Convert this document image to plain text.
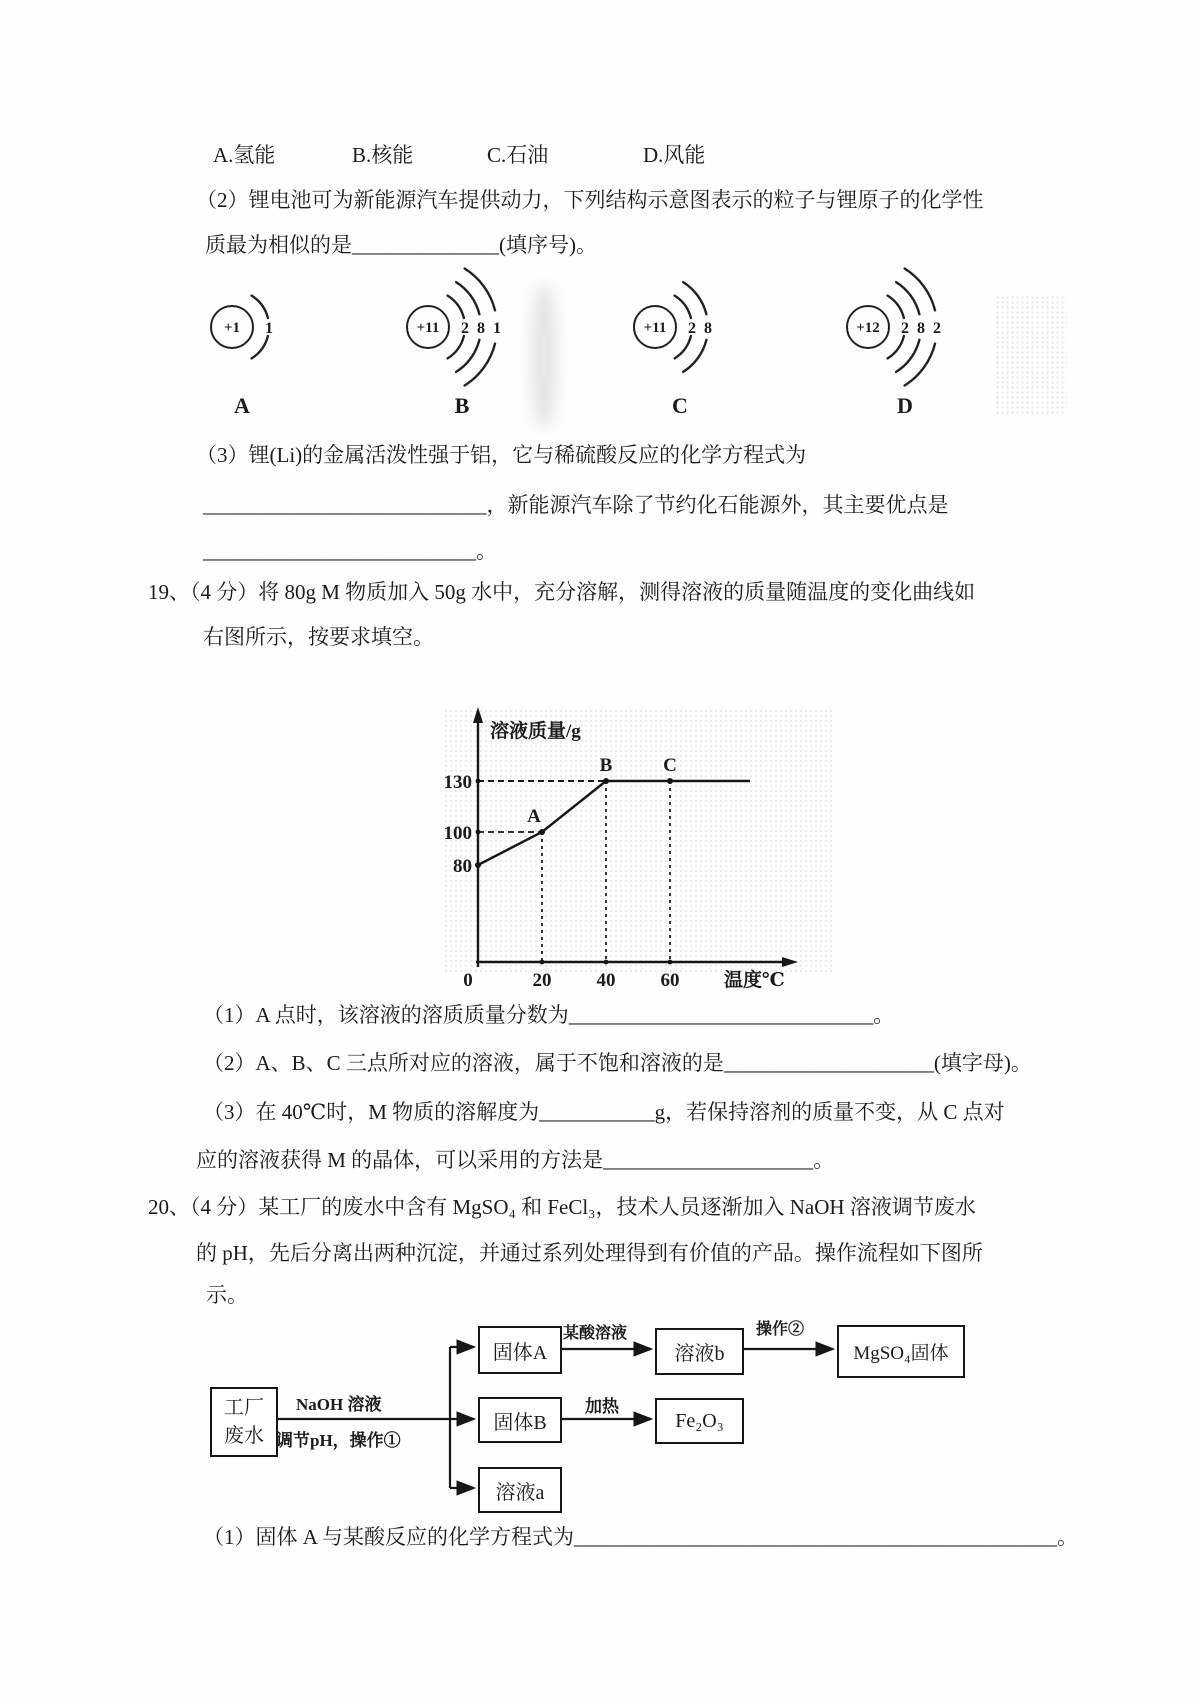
A.氢能	B.核能	C.石油	D.风能
（2）锂电池可为新能源汽车提供动力，下列结构示意图表示的粒子与锂原子的化学性
质最为相似的是______________(填序号)。
+1 1
A
+11 2 8 1
B
+11 2 8
C
+12 2 8 2
D
（3）锂(Li)的金属活泼性强于铝，它与稀硫酸反应的化学方程式为
___________________________，新能源汽车除了节约化石能源外，其主要优点是
__________________________。
19、（4 分）将 80g M 物质加入 50g 水中，充分溶解，测得溶液的质量随温度的变化曲线如
右图所示，按要求填空。
溶液质量/g
温度℃
0
80
100
130
20 40 60
A
B	C
（1）A 点时，该溶液的溶质质量分数为_____________________________。
（2）A、B、C 三点所对应的溶液，属于不饱和溶液的是____________________(填字母)。
（3）在 40℃时，M 物质的溶解度为___________g，若保持溶剂的质量不变，从 C 点对
应的溶液获得 M 的晶体，可以采用的方法是____________________。
20、（4 分）某工厂的废水中含有 MgSO₄ 和 FeCl₃，技术人员逐渐加入 NaOH 溶液调节废水
的 pH，先后分离出两种沉淀，并通过系列处理得到有价值的产品。操作流程如下图所
示。
工厂
废水
固体A
固体B
溶液a
溶液b
Fe₂O₃
MgSO₄固体
NaOH 溶液
调节pH，操作①
某酸溶液	操作②
加热
（1）固体 A 与某酸反应的化学方程式为______________________________________________。
